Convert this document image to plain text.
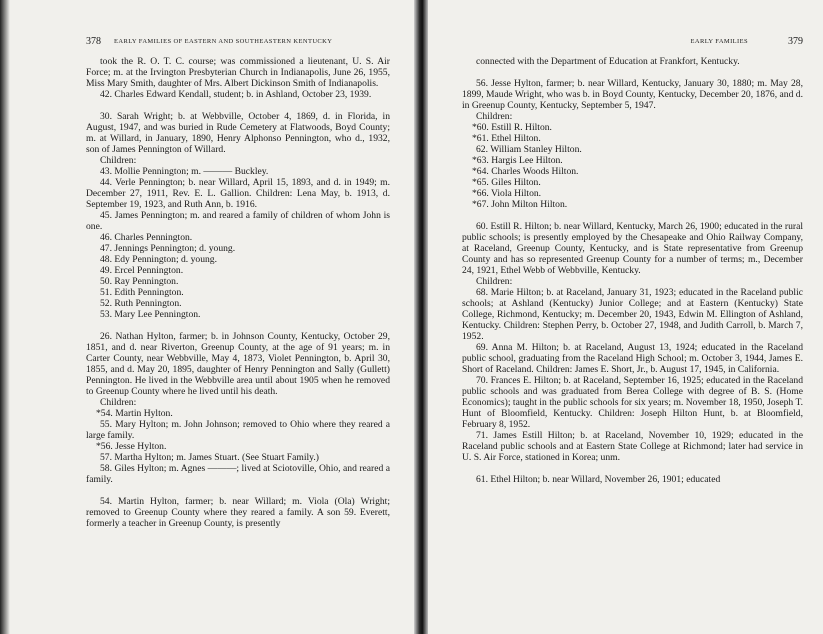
378 EARLY FAMILIES OF EASTERN AND SOUTHEASTERN KENTUCKY

took the R. O. T. C. course; was commissioned a lieutenant, U. S. Air Force; m. at the Irvington Presbyterian Church in Indianapolis, June 26, 1955, Miss Mary Smith, daughter of Mrs. Albert Dickinson Smith of Indianapolis.

42. Charles Edward Kendall, student; b. in Ashland, October 23, 1939.

30. Sarah Wright; b. at Webbville, October 4, 1869, d. in Florida, in August, 1947, and was buried in Rude Cemetery at Flatwoods, Boyd County; m. at Willard, in January, 1890, Henry Alphonso Pennington, who d., 1932, son of James Pennington of Willard.

Children:

43. Mollie Pennington; m. ——— Buckley.

44. Verle Pennington; b. near Willard, April 15, 1893, and d. in 1949; m. December 27, 1911, Rev. E. L. Gallion. Children: Lena May, b. 1913, d. September 19, 1923, and Ruth Ann, b. 1916.

45. James Pennington; m. and reared a family of children of whom John is one.

46. Charles Pennington.

47. Jennings Pennington; d. young.

48. Edy Pennington; d. young.

49. Ercel Pennington.

50. Ray Pennington.

51. Edith Pennington.

52. Ruth Pennington.

53. Mary Lee Pennington.

26. Nathan Hylton, farmer; b. in Johnson County, Kentucky, October 29, 1851, and d. near Riverton, Greenup County, at the age of 91 years; m. in Carter County, near Webbville, May 4, 1873, Violet Pennington, b. April 30, 1855, and d. May 20, 1895, daughter of Henry Pennington and Sally (Gullett) Pennington. He lived in the Webbville area until about 1905 when he removed to Greenup County where he lived until his death.

Children:

*54. Martin Hylton.

55. Mary Hylton; m. John Johnson; removed to Ohio where they reared a large family.

*56. Jesse Hylton.

57. Martha Hylton; m. James Stuart. (See Stuart Family.)

58. Giles Hylton; m. Agnes ———; lived at Sciotoville, Ohio, and reared a family.

54. Martin Hylton, farmer; b. near Willard; m. Viola (Ola) Wright; removed to Greenup County where they reared a family. A son 59. Everett, formerly a teacher in Greenup County, is presently

EARLY FAMILIES	379

connected with the Department of Education at Frankfort, Kentucky.

56. Jesse Hylton, farmer; b. near Willard, Kentucky, January 30, 1880; m. May 28, 1899, Maude Wright, who was b. in Boyd County, Kentucky, December 20, 1876, and d. in Greenup County, Kentucky, September 5, 1947.

Children:

*60. Estill R. Hilton.

*61. Ethel Hilton.

62. William Stanley Hilton.

*63. Hargis Lee Hilton.

*64. Charles Woods Hilton.

*65. Giles Hilton.

*66. Viola Hilton.

*67. John Milton Hilton.

60. Estill R. Hilton; b. near Willard, Kentucky, March 26, 1900; educated in the rural public schools; is presently employed by the Chesapeake and Ohio Railway Company, at Raceland, Greenup County, Kentucky, and is State representative from Greenup County and has so represented Greenup County for a number of terms; m., December 24, 1921, Ethel Webb of Webbville, Kentucky.

Children:

68. Marie Hilton; b. at Raceland, January 31, 1923; educated in the Raceland public schools; at Ashland (Kentucky) Junior College; and at Eastern (Kentucky) State College, Richmond, Kentucky; m. December 20, 1943, Edwin M. Ellington of Ashland, Kentucky. Children: Stephen Perry, b. October 27, 1948, and Judith Carroll, b. March 7, 1952.

69. Anna M. Hilton; b. at Raceland, August 13, 1924; educated in the Raceland public school, graduating from the Raceland High School; m. October 3, 1944, James E. Short of Raceland. Children: James E. Short, Jr., b. August 17, 1945, in California.

70. Frances E. Hilton; b. at Raceland, September 16, 1925; educated in the Raceland public schools and was graduated from Berea College with degree of B. S. (Home Economics); taught in the public schools for six years; m. November 18, 1950, Joseph T. Hunt of Bloomfield, Kentucky. Children: Joseph Hilton Hunt, b. at Bloomfield, February 8, 1952.

71. James Estill Hilton; b. at Raceland, November 10, 1929; educated in the Raceland public schools and at Eastern State College at Richmond; later had service in U. S. Air Force, stationed in Korea; unm.

61. Ethel Hilton; b. near Willard, November 26, 1901; educated
